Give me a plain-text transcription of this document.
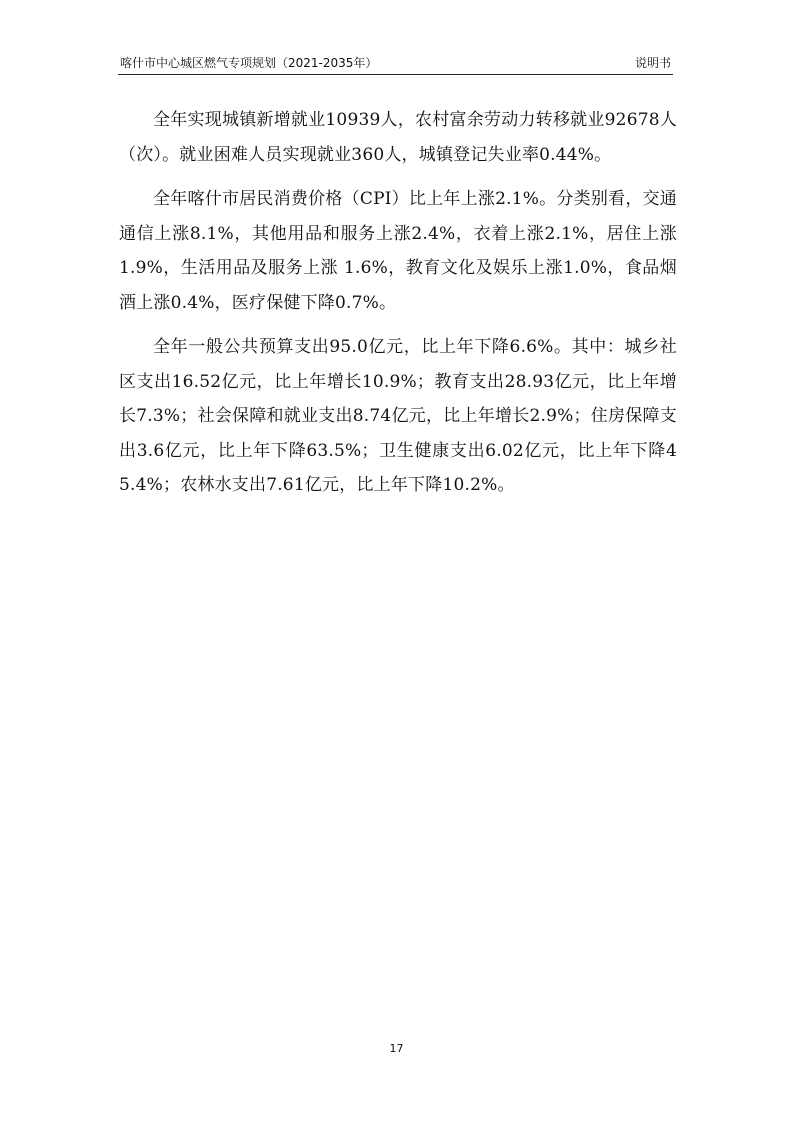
喀什市中心城区燃气专项规划（2021-2035年）	说明书

全年实现城镇新增就业10939人，农村富余劳动力转移就业92678人（次）。就业困难人员实现就业360人，城镇登记失业率0.44%。

全年喀什市居民消费价格（CPI）比上年上涨2.1%。分类别看，交通通信上涨8.1%，其他用品和服务上涨2.4%，衣着上涨2.1%，居住上涨 1.9%，生活用品及服务上涨 1.6%，教育文化及娱乐上涨1.0%，食品烟酒上涨0.4%，医疗保健下降0.7%。

全年一般公共预算支出95.0亿元，比上年下降6.6%。其中：城乡社区支出16.52亿元，比上年增长10.9%；教育支出28.93亿元，比上年增长7.3%；社会保障和就业支出8.74亿元，比上年增长2.9%；住房保障支出3.6亿元，比上年下降63.5%；卫生健康支出6.02亿元，比上年下降45.4%；农林水支出7.61亿元，比上年下降10.2%。

17
